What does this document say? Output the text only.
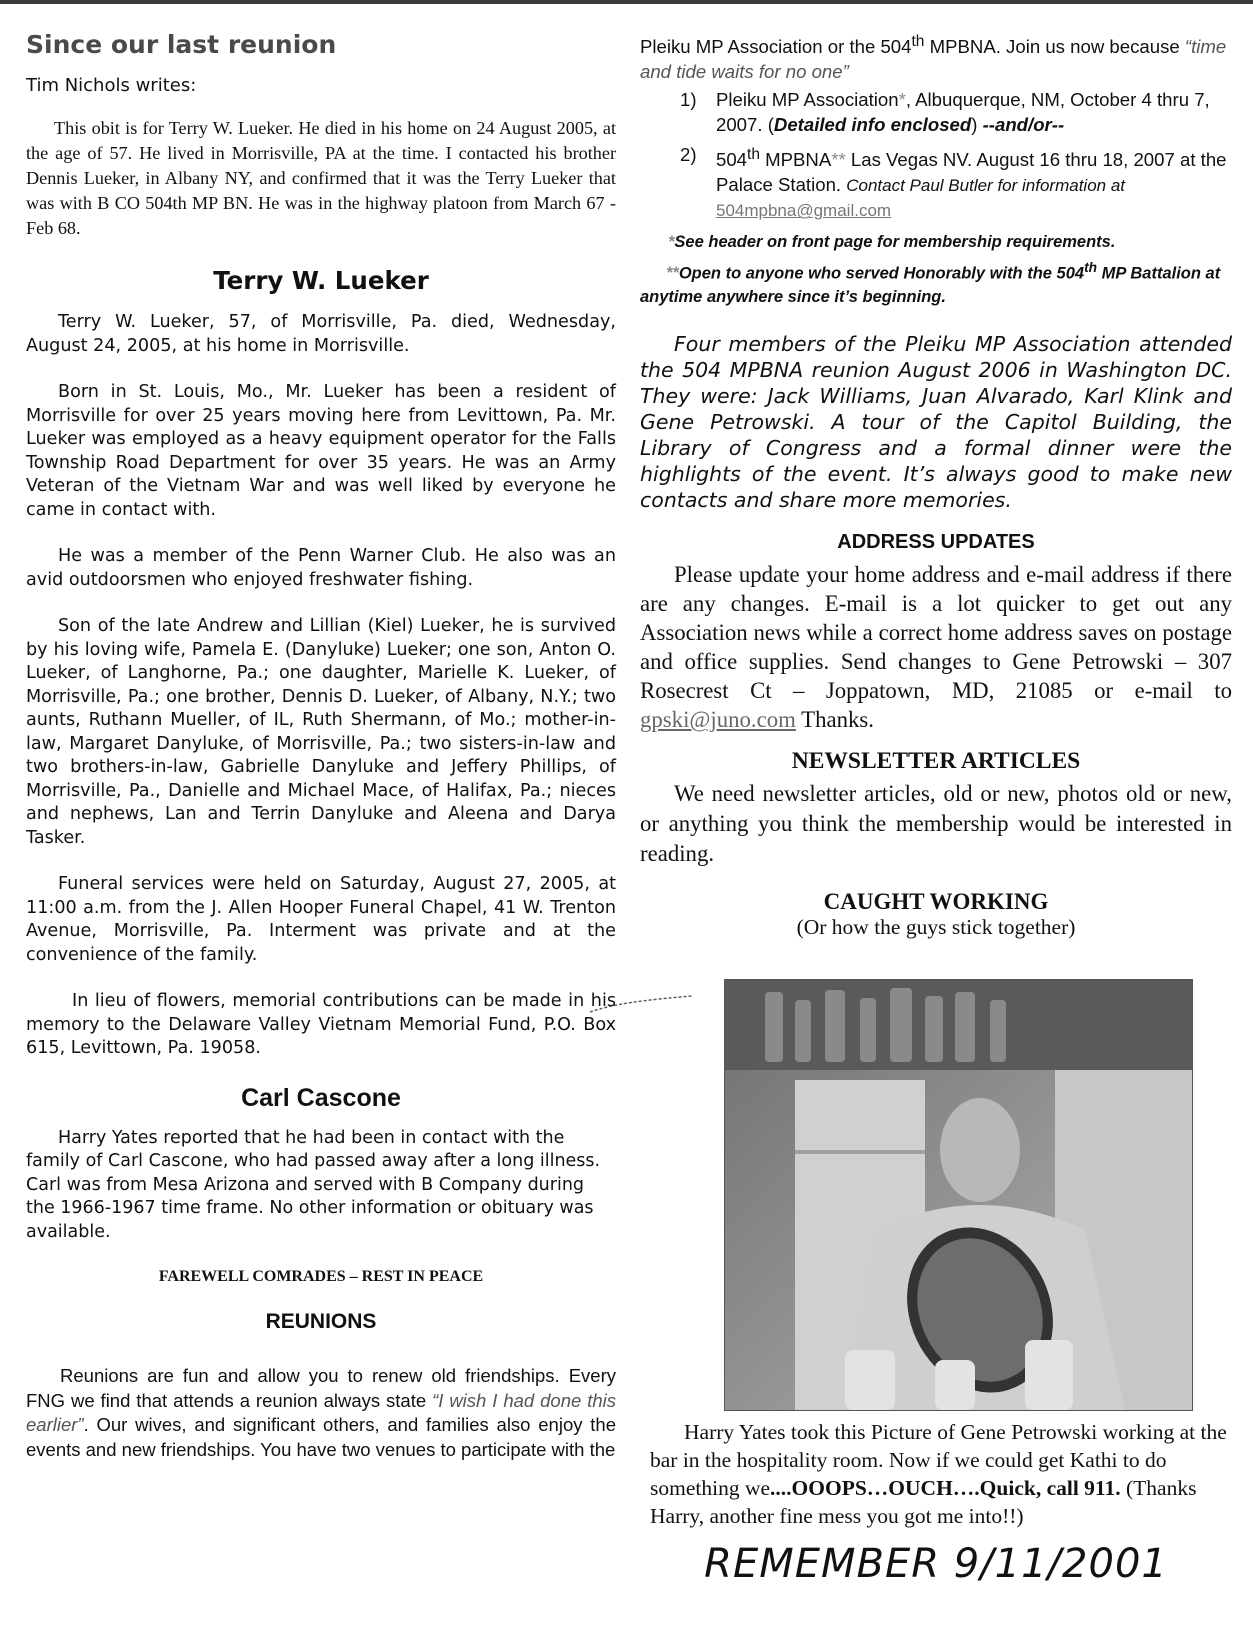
Since our last reunion

Tim Nichols writes:

This obit is for Terry W. Lueker. He died in his home on 24 August 2005, at the age of 57. He lived in Morrisville, PA at the time. I contacted his brother Dennis Lueker, in Albany NY, and confirmed that it was the Terry Lueker that was with B CO 504th MP BN. He was in the highway platoon from March 67 - Feb 68.

Terry W. Lueker

Terry W. Lueker, 57, of Morrisville, Pa. died, Wednesday, August 24, 2005, at his home in Morrisville.

Born in St. Louis, Mo., Mr. Lueker has been a resident of Morrisville for over 25 years moving here from Levittown, Pa. Mr. Lueker was employed as a heavy equipment operator for the Falls Township Road Department for over 35 years. He was an Army Veteran of the Vietnam War and was well liked by everyone he came in contact with.

He was a member of the Penn Warner Club. He also was an avid outdoorsmen who enjoyed freshwater fishing.

Son of the late Andrew and Lillian (Kiel) Lueker, he is survived by his loving wife, Pamela E. (Danyluke) Lueker; one son, Anton O. Lueker, of Langhorne, Pa.; one daughter, Marielle K. Lueker, of Morrisville, Pa.; one brother, Dennis D. Lueker, of Albany, N.Y.; two aunts, Ruthann Mueller, of IL, Ruth Shermann, of Mo.; mother-in-law, Margaret Danyluke, of Morrisville, Pa.; two sisters-in-law and two brothers-in-law, Gabrielle Danyluke and Jeffery Phillips, of Morrisville, Pa., Danielle and Michael Mace, of Halifax, Pa.; nieces and nephews, Lan and Terrin Danyluke and Aleena and Darya Tasker.

Funeral services were held on Saturday, August 27, 2005, at 11:00 a.m. from the J. Allen Hooper Funeral Chapel, 41 W. Trenton Avenue, Morrisville, Pa. Interment was private and at the convenience of the family.

In lieu of flowers, memorial contributions can be made in his memory to the Delaware Valley Vietnam Memorial Fund, P.O. Box 615, Levittown, Pa. 19058.

Carl Cascone

Harry Yates reported that he had been in contact with the family of Carl Cascone, who had passed away after a long illness. Carl was from Mesa Arizona and served with B Company during the 1966-1967 time frame. No other information or obituary was available.

FAREWELL COMRADES – REST IN PEACE

REUNIONS

Reunions are fun and allow you to renew old friendships. Every FNG we find that attends a reunion always state “I wish I had done this earlier”. Our wives, and significant others, and families also enjoy the events and new friendships. You have two venues to participate with the

Pleiku MP Association or the 504th MPBNA. Join us now because “time and tide waits for no one”

1) Pleiku MP Association*, Albuquerque, NM, October 4 thru 7, 2007. (Detailed info enclosed) --and/or--
2) 504th MPBNA** Las Vegas NV. August 16 thru 18, 2007 at the Palace Station. Contact Paul Butler for information at 504mpbna@gmail.com

*See header on front page for membership requirements.

**Open to anyone who served Honorably with the 504th MP Battalion at anytime anywhere since it’s beginning.

Four members of the Pleiku MP Association attended the 504 MPBNA reunion August 2006 in Washington DC. They were: Jack Williams, Juan Alvarado, Karl Klink and Gene Petrowski. A tour of the Capitol Building, the Library of Congress and a formal dinner were the highlights of the event. It’s always good to make new contacts and share more memories.

ADDRESS UPDATES

Please update your home address and e-mail address if there are any changes. E-mail is a lot quicker to get out any Association news while a correct home address saves on postage and office supplies. Send changes to Gene Petrowski – 307 Rosecrest Ct – Joppatown, MD, 21085 or e-mail to gpski@juno.com Thanks.

NEWSLETTER ARTICLES

We need newsletter articles, old or new, photos old or new, or anything you think the membership would be interested in reading.

CAUGHT WORKING

(Or how the guys stick together)

Harry Yates took this Picture of Gene Petrowski working at the bar in the hospitality room. Now if we could get Kathi to do something we....OOOPS…OUCH….Quick, call 911. (Thanks Harry, another fine mess you got me into!!)
REMEMBER 9/11/2001
